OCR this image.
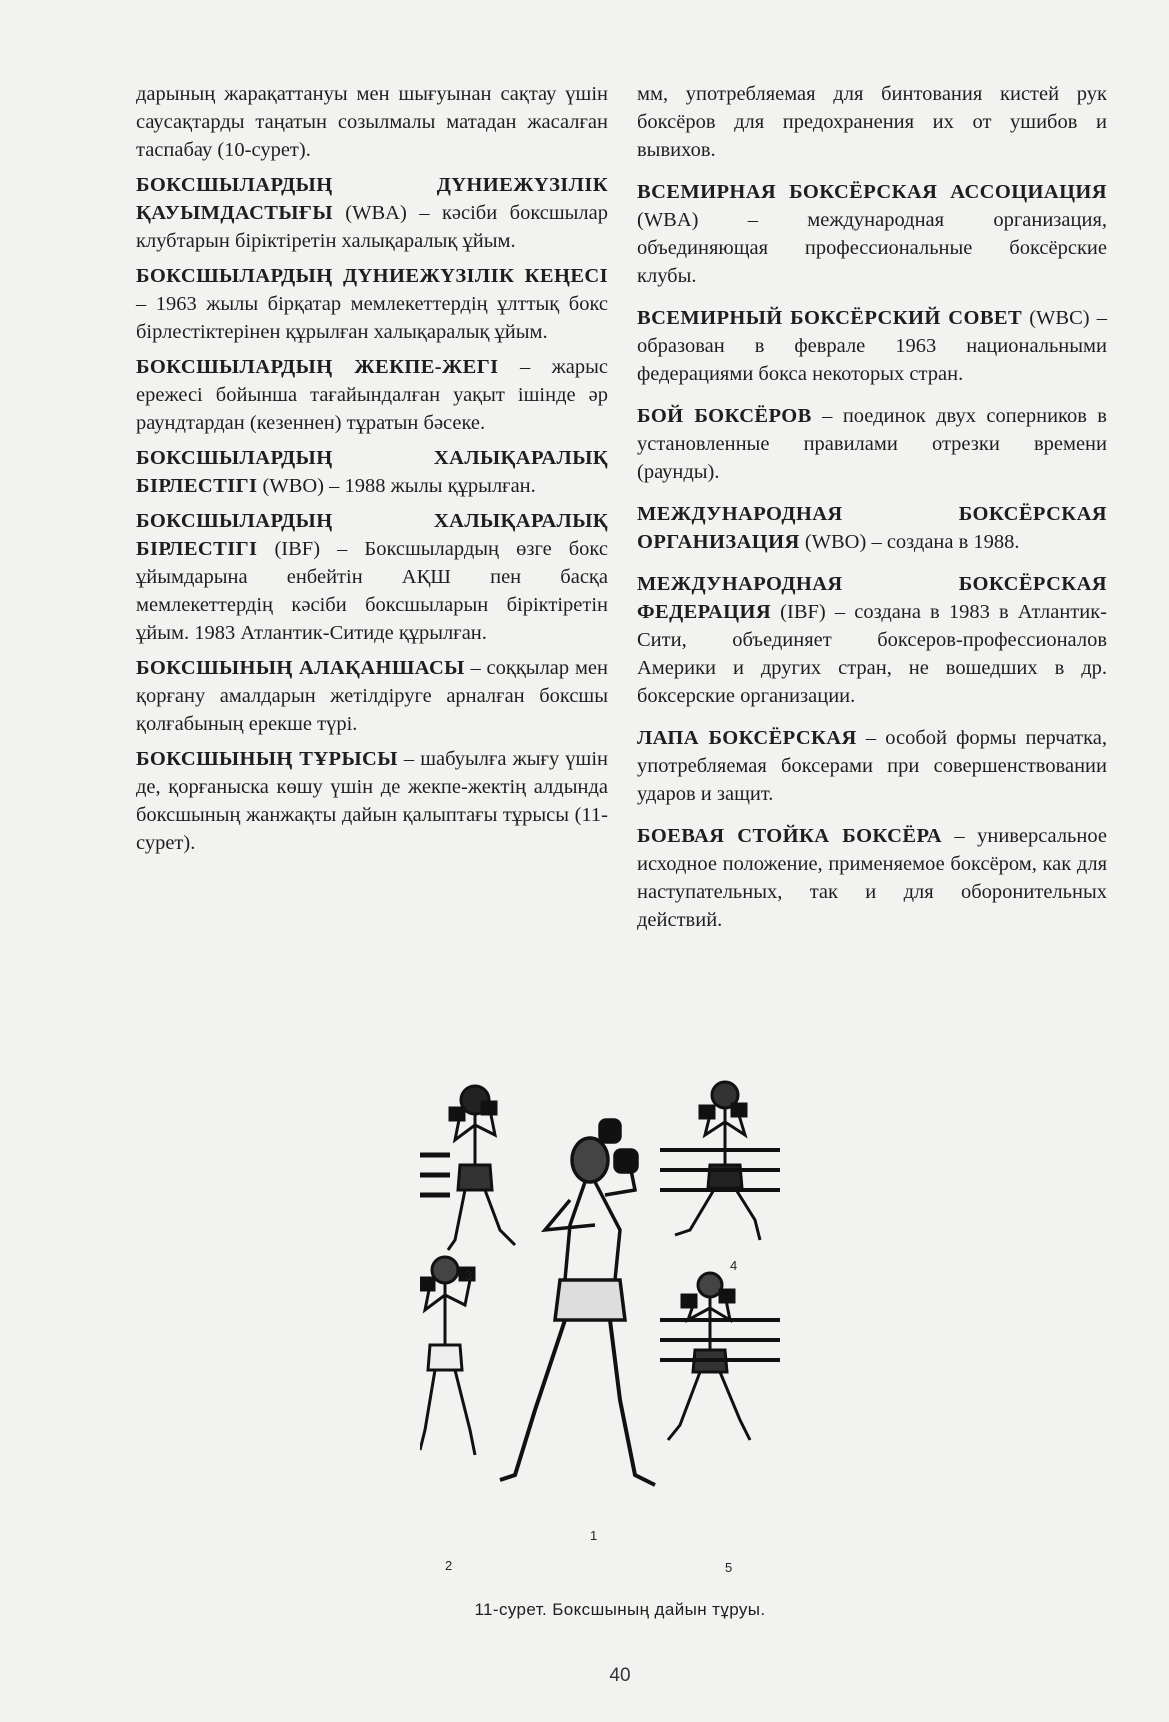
дарының жарақаттануы мен шығуынан сақтау үшін саусақтарды таңатын созылмалы матадан жасалған таспабау (10-сурет).

БОКСШЫЛАРДЫҢ ДҮНИЕЖҮЗІЛІК ҚАУЫМДАСТЫҒЫ (WBA) – кәсіби боксшылар клубтарын біріктіретін халықаралық ұйым.

БОКСШЫЛАРДЫҢ ДҮНИЕЖҮЗІЛІК КЕҢЕСІ – 1963 жылы бірқатар мемлекеттердің ұлттық бокс бірлестіктерінен құрылған халықаралық ұйым.

БОКСШЫЛАРДЫҢ ЖЕКПЕ-ЖЕГІ – жарыс ережесі бойынша тағайындалған уақыт ішінде әр раундтардан (кезеннен) тұратын бәсеке.

БОКСШЫЛАРДЫҢ ХАЛЫҚАРАЛЫҚ БІРЛЕСТІГІ (WBO) – 1988 жылы құрылған.

БОКСШЫЛАРДЫҢ ХАЛЫҚАРАЛЫҚ БІРЛЕСТІГІ (IBF) – Боксшылардың өзге бокс ұйымдарына енбейтін АҚШ пен басқа мемлекеттердің кәсіби боксшыларын біріктіретін ұйым. 1983 Атлантик-Ситиде құрылған.

БОКСШЫНЫҢ АЛАҚАНШАСЫ – соққылар мен қорғану амалдарын жетілдіруге арналған боксшы қолғабының ерекше түрі.

БОКСШЫНЫҢ ТҰРЫСЫ – шабуылға жығу үшін де, қорғаныска көшу үшін де жекпе-жектің алдында боксшының жанжақты дайын қалыптағы тұрысы (11-сурет).

мм, употребляемая для бинтования кистей рук боксёров для предохранения их от ушибов и вывихов.

ВСЕМИРНАЯ БОКСЁРСКАЯ АССОЦИАЦИЯ (WBA) – международная организация, объединяющая профессиональные боксёрские клубы.

ВСЕМИРНЫЙ БОКСЁРСКИЙ СОВЕТ (WBC) – образован в феврале 1963 национальными федерациями бокса некоторых стран.

БОЙ БОКСЁРОВ – поединок двух соперников в установленные правилами отрезки времени (раунды).

МЕЖДУНАРОДНАЯ БОКСЁРСКАЯ ОРГАНИЗАЦИЯ (WBO) – создана в 1988.

МЕЖДУНАРОДНАЯ БОКСЁРСКАЯ ФЕДЕРАЦИЯ (IBF) – создана в 1983 в Атлантик-Сити, объединяет боксеров-профессионалов Америки и других стран, не вошедших в др. боксерские организации.

ЛАПА БОКСЁРСКАЯ – особой формы перчатка, употребляемая боксерами при совершенствовании ударов и защит.

БОЕВАЯ СТОЙКА БОКСЁРА – универсальное исходное положение, применяемое боксёром, как для наступательных, так и для оборонительных действий.

3
4
1
2	5
11-сурет. Боксшының дайын тұруы.
40
